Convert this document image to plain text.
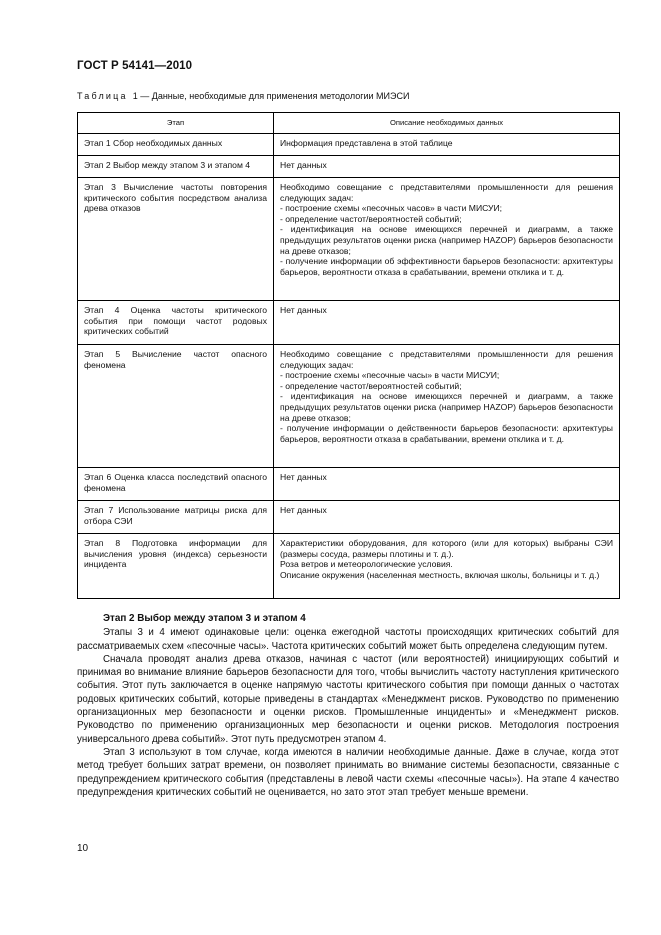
ГОСТ Р 54141—2010
Таблица 1 — Данные, необходимые для применения методологии МИЭСИ
Этап	Описание необходимых данных
Этап 1 Сбор необходимых данных	Информация представлена в этой таблице

Этап 2 Выбор между этапом 3 и этапом 4	Нет данных

Этап 3 Вычисление частоты повторения критического события посредством анализа древа отказов	Необходимо совещание с представителями промышленности для решения следующих задач:
- построение схемы «песочных часов» в части МИСУИ;
- определение частот/вероятностей событий;
- идентификация на основе имеющихся перечней и диаграмм, а также предыдущих результатов оценки риска (например HAZOP) барьеров безопасности на древе отказов;
- получение информации об эффективности барьеров безопасности: архитектуры барьеров, вероятности отказа в срабатывании, времени отклика и т. д.

Этап 4 Оценка частоты критического события при помощи частот родовых критических событий	Нет данных

Этап 5 Вычисление частот опасного феномена	Необходимо совещание с представителями промышленности для решения следующих задач:
- построение схемы «песочные часы» в части МИСУИ;
- определение частот/вероятностей событий;
- идентификация на основе имеющихся перечней и диаграмм, а также предыдущих результатов оценки риска (например HAZOP) барьеров безопасности на древе отказов;
- получение информации о действенности барьеров безопасности: архитектуры барьеров, вероятности отказа в срабатывании, времени отклика и т. д.

Этап 6 Оценка класса последствий опасного феномена	Нет данных

Этап 7 Использование матрицы риска для отбора СЭИ	Нет данных

Этап 8 Подготовка информации для вычисления уровня (индекса) серьезности инцидента	Характеристики оборудования, для которого (или для которых) выбраны СЭИ (размеры сосуда, размеры плотины и т. д.).
Роза ветров и метеорологические условия.
Описание окружения (населенная местность, включая школы, больницы и т. д.)
Этап 2 Выбор между этапом 3 и этапом 4

Этапы 3 и 4 имеют одинаковые цели: оценка ежегодной частоты происходящих критических событий для рассматриваемых схем «песочные часы». Частота критических событий может быть определена следующим путем.

Сначала проводят анализ древа отказов, начиная с частот (или вероятностей) инициирующих событий и принимая во внимание влияние барьеров безопасности для того, чтобы вычислить частоту наступления критического события. Этот путь заключается в оценке напрямую частоты критического события при помощи данных о частотах родовых критических событий, которые приведены в стандартах «Менеджмент рисков. Руководство по применению организационных мер безопасности и оценки рисков. Промышленные инциденты» и «Менеджмент рисков. Руководство по применению организационных мер безопасности и оценки рисков. Методология построения универсального древа событий». Этот путь предусмотрен этапом 4.

Этап 3 используют в том случае, когда имеются в наличии необходимые данные. Даже в случае, когда этот метод требует больших затрат времени, он позволяет принимать во внимание системы безопасности, связанные с предупреждением критического события (представлены в левой части схемы «песочные часы»). На этапе 4 качество предупреждения критических событий не оценивается, но зато этот этап требует меньше времени.

10
